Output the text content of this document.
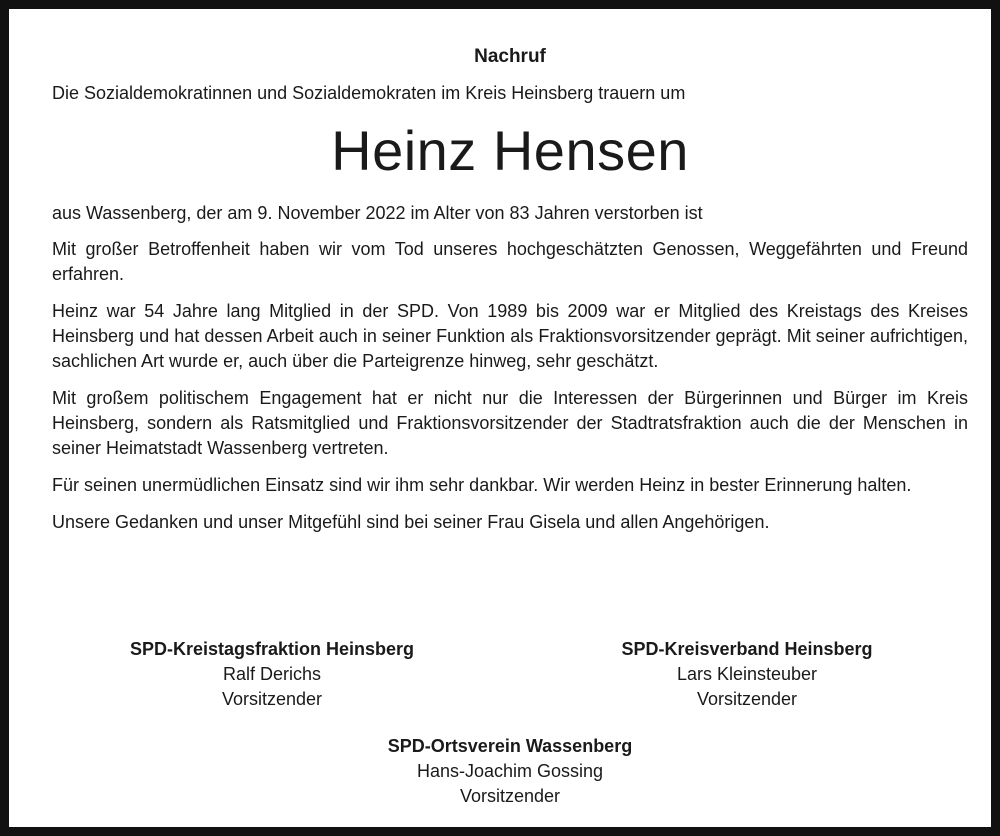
Nachruf

Die Sozialdemokratinnen und Sozialdemokraten im Kreis Heinsberg trauern um

Heinz Hensen

aus Wassenberg, der am 9. November 2022 im Alter von 83 Jahren verstorben ist

Mit großer Betroffenheit haben wir vom Tod unseres hochgeschätzten Genossen, Weggefährten und Freund erfahren.

Heinz war 54 Jahre lang Mitglied in der SPD. Von 1989 bis 2009 war er Mitglied des Kreistags des Kreises Heinsberg und hat dessen Arbeit auch in seiner Funktion als Fraktionsvorsitzender geprägt. Mit seiner aufrichtigen, sachlichen Art wurde er, auch über die Parteigrenze hinweg, sehr geschätzt.

Mit großem politischem Engagement hat er nicht nur die Interessen der Bürgerinnen und Bürger im Kreis Heinsberg, sondern als Ratsmitglied und Fraktionsvorsitzender der Stadtratsfraktion auch die der Menschen in seiner Heimatstadt Wassenberg vertreten.

Für seinen unermüdlichen Einsatz sind wir ihm sehr dankbar. Wir werden Heinz in bester Erinnerung halten.

Unsere Gedanken und unser Mitgefühl sind bei seiner Frau Gisela und allen Angehörigen.

SPD-Kreistagsfraktion Heinsberg
Ralf Derichs
Vorsitzender
SPD-Kreisverband Heinsberg
Lars Kleinsteuber
Vorsitzender
SPD-Ortsverein Wassenberg
Hans-Joachim Gossing
Vorsitzender
